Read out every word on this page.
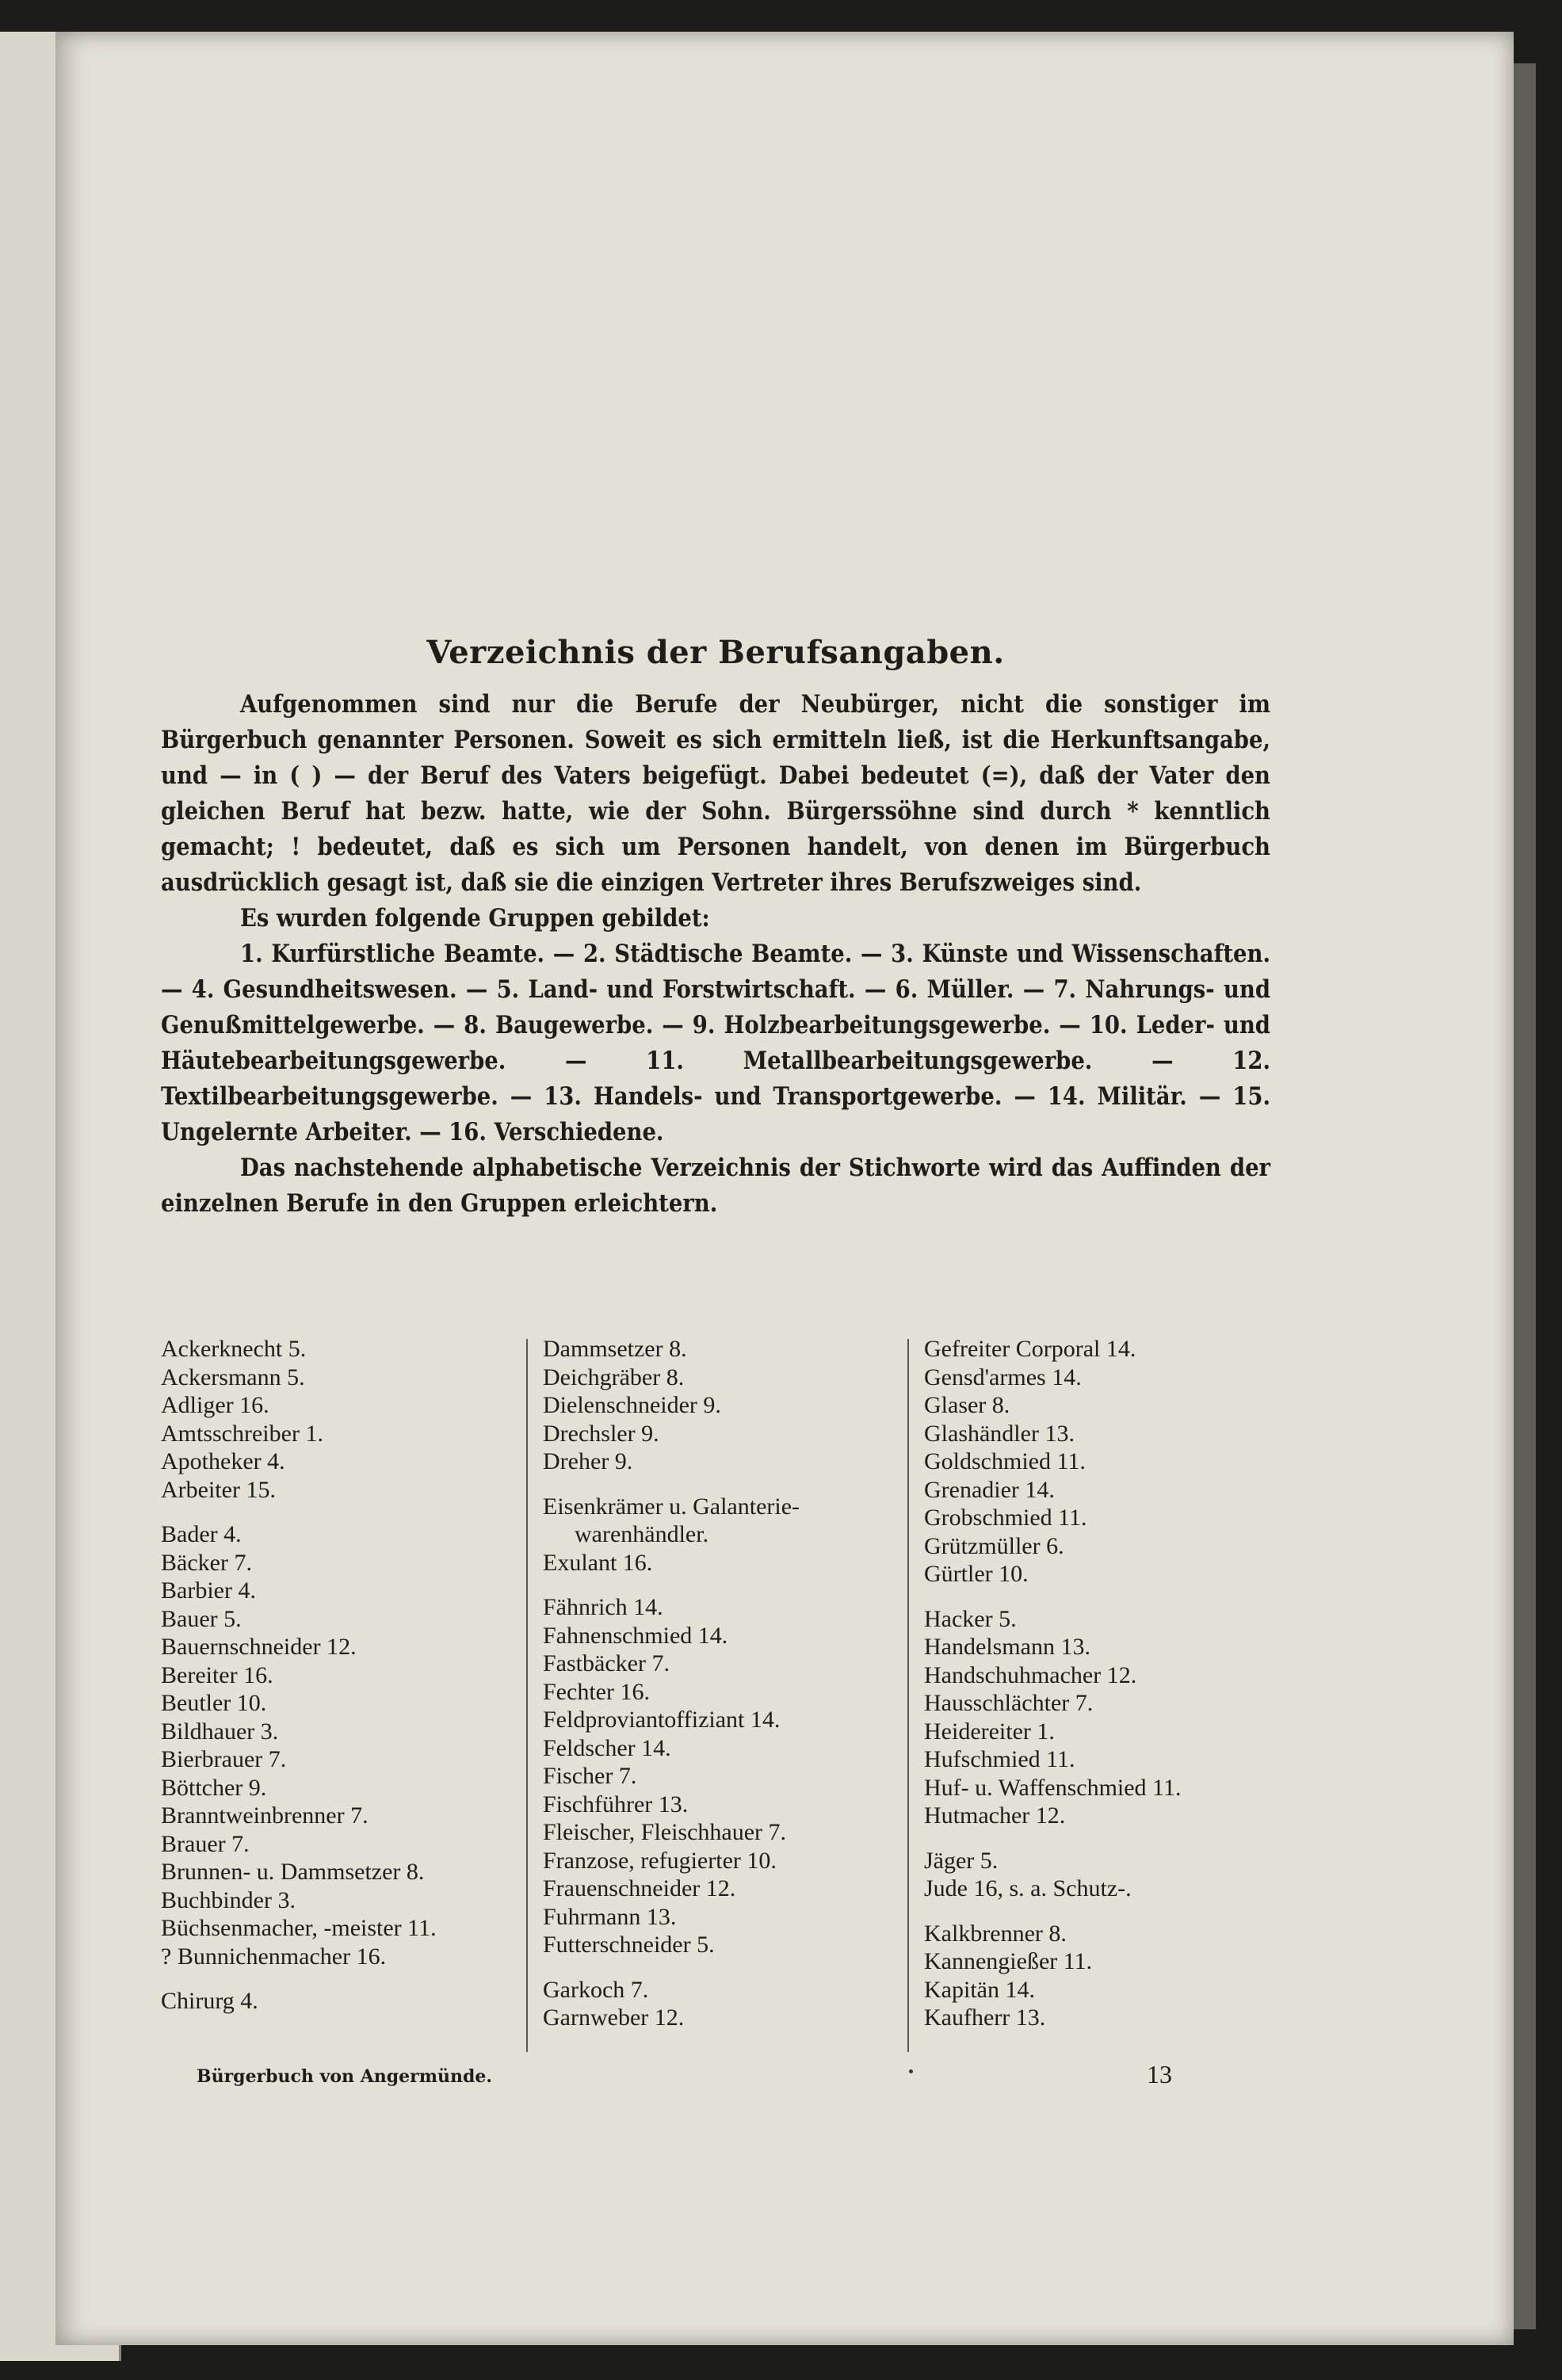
Verzeichnis der Berufsangaben.

Aufgenommen sind nur die Berufe der Neubürger, nicht die sonstiger im Bürgerbuch genannter Personen. Soweit es sich ermitteln ließ, ist die Herkunftsangabe, und — in ( ) — der Beruf des Vaters beigefügt. Dabei bedeutet (=), daß der Vater den gleichen Beruf hat bezw. hatte, wie der Sohn. Bürgerssöhne sind durch * kenntlich gemacht; ! bedeutet, daß es sich um Personen handelt, von denen im Bürgerbuch ausdrücklich gesagt ist, daß sie die einzigen Vertreter ihres Berufszweiges sind.

Es wurden folgende Gruppen gebildet:

1. Kurfürstliche Beamte. — 2. Städtische Beamte. — 3. Künste und Wissenschaften. — 4. Gesundheitswesen. — 5. Land- und Forstwirtschaft. — 6. Müller. — 7. Nahrungs- und Genußmittelgewerbe. — 8. Baugewerbe. — 9. Holzbearbeitungsgewerbe. — 10. Leder- und Häutebearbeitungsgewerbe. — 11. Metallbearbeitungsgewerbe. — 12. Textilbearbeitungsgewerbe. — 13. Handels- und Transportgewerbe. — 14. Militär. — 15. Ungelernte Arbeiter. — 16. Verschiedene.

Das nachstehende alphabetische Verzeichnis der Stichworte wird das Auffinden der einzelnen Berufe in den Gruppen erleichtern.

Ackerknecht 5.
Ackersmann 5.
Adliger 16.
Amtsschreiber 1.
Apotheker 4.
Arbeiter 15.
Bader 4.
Bäcker 7.
Barbier 4.
Bauer 5.
Bauernschneider 12.
Bereiter 16.
Beutler 10.
Bildhauer 3.
Bierbrauer 7.
Böttcher 9.
Branntweinbrenner 7.
Brauer 7.
Brunnen- u. Dammsetzer 8.
Buchbinder 3.
Büchsenmacher, -meister 11.
? Bunnichenmacher 16.
Chirurg 4.
Dammsetzer 8.
Deichgräber 8.
Dielenschneider 9.
Drechsler 9.
Dreher 9.
Eisenkrämer u. Galanterie-
warenhändler.
Exulant 16.
Fähnrich 14.
Fahnenschmied 14.
Fastbäcker 7.
Fechter 16.
Feldproviantoffiziant 14.
Feldscher 14.
Fischer 7.
Fischführer 13.
Fleischer, Fleischhauer 7.
Franzose, refugierter 10.
Frauenschneider 12.
Fuhrmann 13.
Futterschneider 5.
Garkoch 7.
Garnweber 12.
Gefreiter Corporal 14.
Gensd'armes 14.
Glaser 8.
Glashändler 13.
Goldschmied 11.
Grenadier 14.
Grobschmied 11.
Grützmüller 6.
Gürtler 10.
Hacker 5.
Handelsmann 13.
Handschuhmacher 12.
Hausschlächter 7.
Heidereiter 1.
Hufschmied 11.
Huf- u. Waffenschmied 11.
Hutmacher 12.
Jäger 5.
Jude 16, s. a. Schutz-.
Kalkbrenner 8.
Kannengießer 11.
Kapitän 14.
Kaufherr 13.
Bürgerbuch von Angermünde.	13
